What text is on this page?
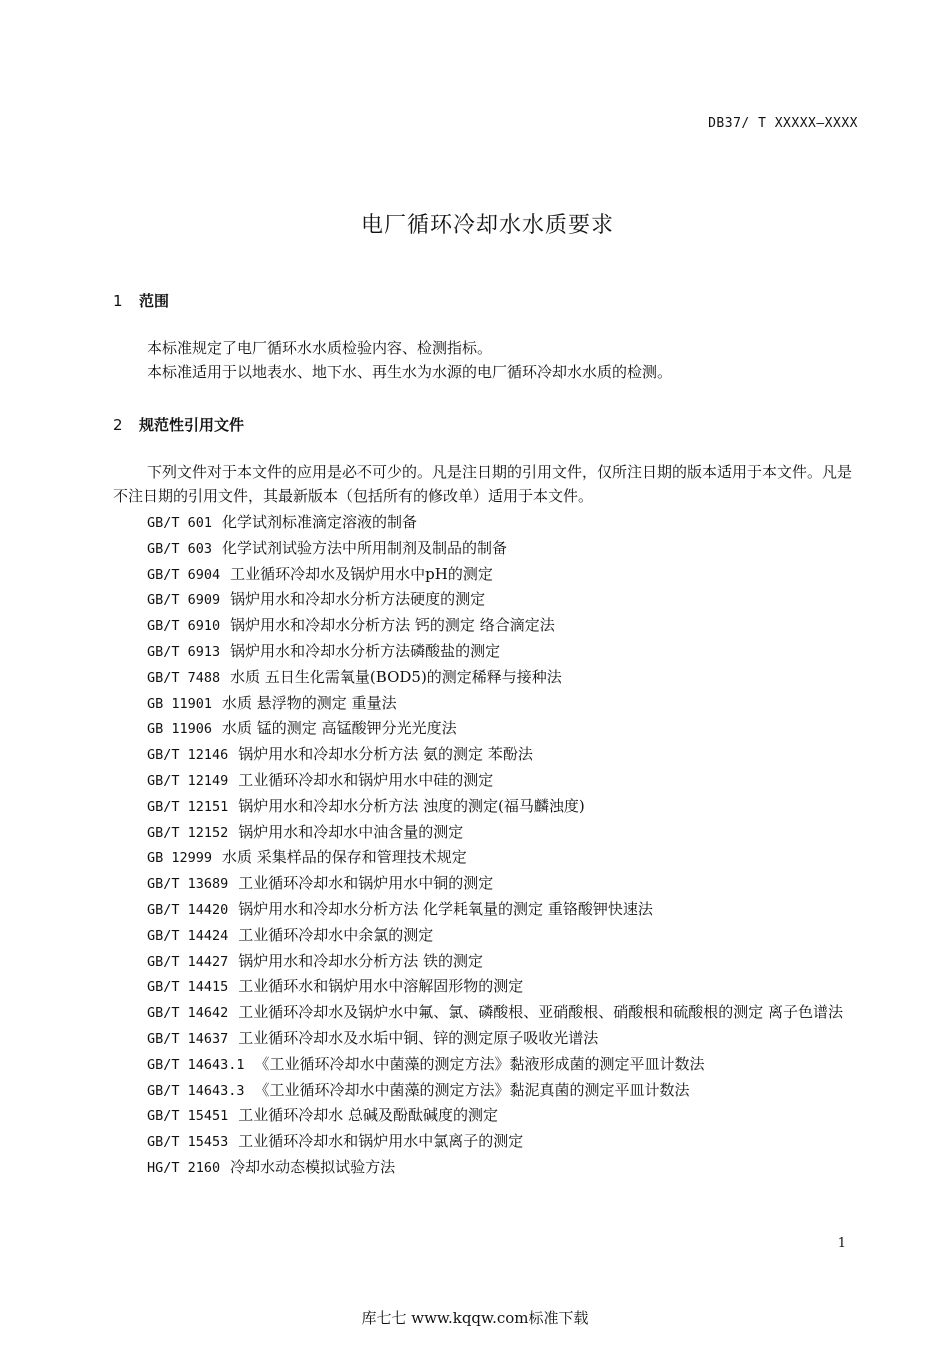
DB37/ T XXXXX—XXXX
电厂循环冷却水水质要求
1 范围

本标准规定了电厂循环水水质检验内容、检测指标。

本标准适用于以地表水、地下水、再生水为水源的电厂循环冷却水水质的检测。

2 规范性引用文件

下列文件对于本文件的应用是必不可少的。凡是注日期的引用文件，仅所注日期的版本适用于本文件。凡是不注日期的引用文件，其最新版本（包括所有的修改单）适用于本文件。

GB/T 601 化学试剂标准滴定溶液的制备
GB/T 603 化学试剂试验方法中所用制剂及制品的制备
GB/T 6904 工业循环冷却水及锅炉用水中pH的测定
GB/T 6909 锅炉用水和冷却水分析方法硬度的测定
GB/T 6910 锅炉用水和冷却水分析方法 钙的测定 络合滴定法
GB/T 6913 锅炉用水和冷却水分析方法磷酸盐的测定
GB/T 7488 水质 五日生化需氧量(BOD5)的测定稀释与接种法
GB 11901 水质 悬浮物的测定 重量法
GB 11906 水质 锰的测定 高锰酸钾分光光度法
GB/T 12146 锅炉用水和冷却水分析方法 氨的测定 苯酚法
GB/T 12149 工业循环冷却水和锅炉用水中硅的测定
GB/T 12151 锅炉用水和冷却水分析方法 浊度的测定(福马麟浊度)
GB/T 12152 锅炉用水和冷却水中油含量的测定
GB 12999 水质 采集样品的保存和管理技术规定
GB/T 13689 工业循环冷却水和锅炉用水中铜的测定
GB/T 14420 锅炉用水和冷却水分析方法 化学耗氧量的测定 重铬酸钾快速法
GB/T 14424 工业循环冷却水中余氯的测定
GB/T 14427 锅炉用水和冷却水分析方法 铁的测定
GB/T 14415 工业循环水和锅炉用水中溶解固形物的测定
GB/T 14642 工业循环冷却水及锅炉水中氟、氯、磷酸根、亚硝酸根、硝酸根和硫酸根的测定 离子色谱法
GB/T 14637 工业循环冷却水及水垢中铜、锌的测定原子吸收光谱法
GB/T 14643.1 《工业循环冷却水中菌藻的测定方法》黏液形成菌的测定平皿计数法
GB/T 14643.3 《工业循环冷却水中菌藻的测定方法》黏泥真菌的测定平皿计数法
GB/T 15451 工业循环冷却水 总碱及酚酞碱度的测定
GB/T 15453 工业循环冷却水和锅炉用水中氯离子的测定
HG/T 2160 冷却水动态模拟试验方法
1
库七七 www.kqqw.com标准下载
